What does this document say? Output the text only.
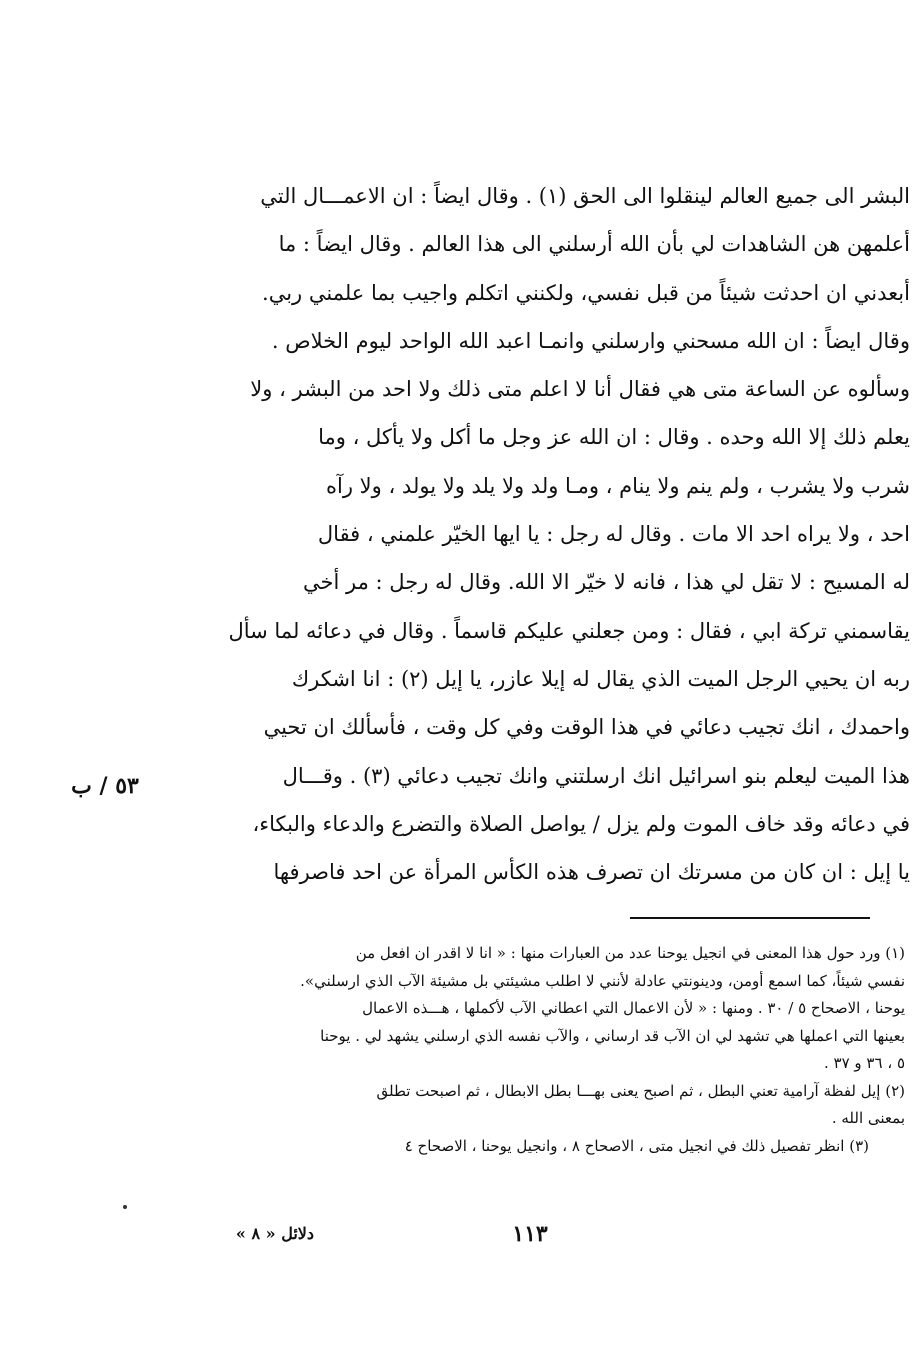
البشر الى جميع العالم لينقلوا الى الحق (١) . وقال ايضاً : ان الاعمـــال التي
أعلمهن هن الشاهدات لي بأن الله أرسلني الى هذا العالم . وقال ايضاً : ما
أبعدني ان احدثت شيئاً من قبل نفسي، ولكنني اتكلم واجيب بما علمني ربي.
وقال ايضاً : ان الله مسحني وارسلني وانمـا اعبد الله الواحد ليوم الخلاص .
وسألوه عن الساعة متى هي فقال أنا لا اعلم متى ذلك ولا احد من البشر ، ولا
يعلم ذلك إلا الله وحده . وقال : ان الله عز وجل ما أكل ولا يأكل ، وما
شرب ولا يشرب ، ولم ينم ولا ينام ، ومـا ولد ولا يلد ولا يولد ، ولا رآه
احد ، ولا يراه احد الا مات . وقال له رجل : يا ايها الخيّر علمني ، فقال
له المسيح : لا تقل لي هذا ، فانه لا خيّر الا الله. وقال له رجل : مر أخي
يقاسمني تركة ابي ، فقال : ومن جعلني عليكم قاسماً . وقال في دعائه لما سأل
ربه ان يحيي الرجل الميت الذي يقال له إيلا عازر، يا إيل (٢) : انا اشكرك
واحمدك ، انك تجيب دعائي في هذا الوقت وفي كل وقت ، فأسألك ان تحيي
هذا الميت ليعلم بنو اسرائيل انك ارسلتني وانك تجيب دعائي (٣) . وقـــال
في دعائه وقد خاف الموت ولم يزل / يواصل الصلاة والتضرع والدعاء والبكاء،
يا إيل : ان كان من مسرتك ان تصرف هذه الكأس المرأة عن احد فاصرفها
٥٣ / ب
(١) ورد حول هذا المعنى في انجيل يوحنا عدد من العبارات منها : « انا لا اقدر ان افعل من
نفسي شيئاً، كما اسمع أومن، ودينونتي عادلة لأنني لا اطلب مشيئتي بل مشيئة الآب الذي ارسلني».
يوحنا ، الاصحاح ٥ / ٣٠ . ومنها : « لأن الاعمال التي اعطاني الآب لأكملها ، هـــذه الاعمال
بعينها التي اعملها هي تشهد لي ان الآب قد ارساني ، والآب نفسه الذي ارسلني يشهد لي . يوحنا
٥ ، ٣٦ و ٣٧ .
(٢) إيل لفظة آرامية تعني البطل ، ثم اصبح يعنى بهـــا بطل الابطال ، ثم اصبحت تطلق
بمعنى الله .
(٣) انظر تفصيل ذلك في انجيل متى ، الاصحاح ٨ ، وانجيل يوحنا ، الاصحاح ٤
١١٣
دلائل « ٨ »
